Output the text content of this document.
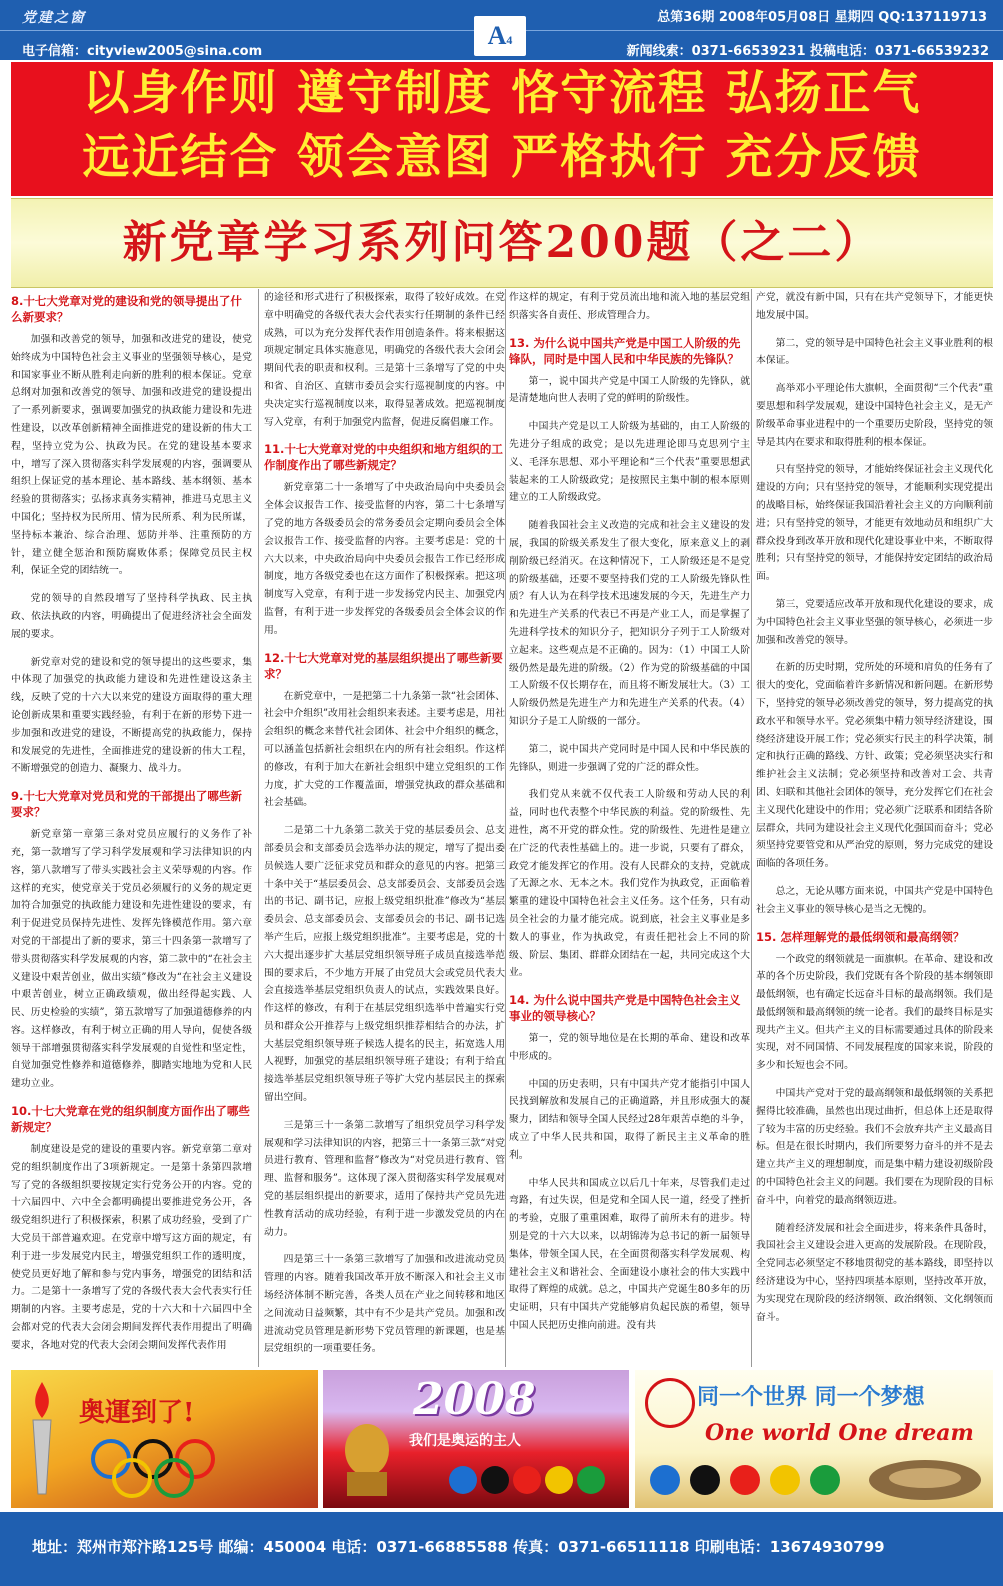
党建之窗	总第36期 2008年05月08日 星期四 QQ:137119713
A4
电子信箱：cityview2005@sina.com	新闻线索：0371-66539231 投稿电话：0371-66539232
以身作则 遵守制度 恪守流程 弘扬正气
远近结合 领会意图 严格执行 充分反馈
新党章学习系列问答200题（之二）
8.十七大党章对党的建设和党的领导提出了什么新要求？

加强和改善党的领导，加强和改进党的建设，使党始终成为中国特色社会主义事业的坚强领导核心，是党和国家事业不断从胜利走向新的胜利的根本保证。党章总纲对加强和改善党的领导、加强和改进党的建设提出了一系列新要求，强调要加强党的执政能力建设和先进性建设，以改革创新精神全面推进党的建设新的伟大工程，坚持立党为公、执政为民。在党的建设基本要求中，增写了深入贯彻落实科学发展观的内容，强调要从组织上保证党的基本理论、基本路线、基本纲领、基本经验的贯彻落实；弘扬求真务实精神，推进马克思主义中国化；坚持权为民所用、情为民所系、利为民所谋，坚持标本兼治、综合治理、惩防并举、注重预防的方针，建立健全惩治和预防腐败体系；保障党员民主权利，保证全党的团结统一。

党的领导的自然段增写了坚持科学执政、民主执政、依法执政的内容，明确提出了促进经济社会全面发展的要求。

新党章对党的建设和党的领导提出的这些要求，集中体现了加强党的执政能力建设和先进性建设这条主线，反映了党的十六大以来党的建设方面取得的重大理论创新成果和重要实践经验，有利于在新的形势下进一步加强和改进党的建设，不断提高党的执政能力，保持和发展党的先进性，全面推进党的建设新的伟大工程，不断增强党的创造力、凝聚力、战斗力。

9.十七大党章对党员和党的干部提出了哪些新要求？

新党章第一章第三条对党员应履行的义务作了补充，第一款增写了学习科学发展观和学习法律知识的内容，第八款增写了带头实践社会主义荣辱观的内容。作这样的充实，使党章关于党员必须履行的义务的规定更加符合加强党的执政能力建设和先进性建设的要求，有利于促进党员保持先进性、发挥先锋模范作用。第六章对党的干部提出了新的要求，第三十四条第一款增写了带头贯彻落实科学发展观的内容，第二款中的“在社会主义建设中艰苦创业，做出实绩”修改为“在社会主义建设中艰苦创业，树立正确政绩观，做出经得起实践、人民、历史检验的实绩”，第五款增写了加强道德修养的内容。这样修改，有利于树立正确的用人导向，促使各级领导干部增强贯彻落实科学发展观的自觉性和坚定性，自觉加强党性修养和道德修养，脚踏实地地为党和人民建功立业。

10.十七大党章在党的组织制度方面作出了哪些新规定？

制度建设是党的建设的重要内容。新党章第二章对党的组织制度作出了3项新规定。一是第十条第四款增写了党的各级组织要按规定实行党务公开的内容。党的十六届四中、六中全会都明确提出要推进党务公开，各级党组织进行了积极探索，积累了成功经验，受到了广大党员干部普遍欢迎。在党章中增写这方面的规定，有利于进一步发展党内民主，增强党组织工作的透明度，使党员更好地了解和参与党内事务，增强党的团结和活力。二是第十一条增写了党的各级代表大会代表实行任期制的内容。主要考虑是，党的十六大和十六届四中全会都对党的代表大会闭会期间发挥代表作用提出了明确要求，各地对党的代表大会闭会期间发挥代表作用

的途径和形式进行了积极探索，取得了较好成效。在党章中明确党的各级代表大会代表实行任期制的条件已经成熟，可以为充分发挥代表作用创造条件。将来根据这项规定制定具体实施意见，明确党的各级代表大会闭会期间代表的职责和权利。三是第十三条增写了党的中央和省、自治区、直辖市委员会实行巡视制度的内容。中央决定实行巡视制度以来，取得显著成效。把巡视制度写入党章，有利于加强党内监督，促进反腐倡廉工作。

11.十七大党章对党的中央组织和地方组织的工作制度作出了哪些新规定？

新党章第二十一条增写了中央政治局向中央委员会全体会议报告工作、接受监督的内容，第二十七条增写了党的地方各级委员会的常务委员会定期向委员会全体会议报告工作、接受监督的内容。主要考虑是：党的十六大以来，中央政治局向中央委员会报告工作已经形成制度，地方各级党委也在这方面作了积极探索。把这项制度写入党章，有利于进一步发扬党内民主、加强党内监督，有利于进一步发挥党的各级委员会全体会议的作用。

12.十七大党章对党的基层组织提出了哪些新要求？

在新党章中，一是把第二十九条第一款“社会团体、社会中介组织”改用社会组织来表述。主要考虑是，用社会组织的概念来替代社会团体、社会中介组织的概念，可以涵盖包括新社会组织在内的所有社会组织。作这样的修改，有利于加大在新社会组织中建立党组织的工作力度，扩大党的工作覆盖面，增强党执政的群众基础和社会基础。

二是第二十九条第二款关于党的基层委员会、总支部委员会和支部委员会选举办法的规定，增写了提出委员候选人要广泛征求党员和群众的意见的内容。把第三十条中关于“基层委员会、总支部委员会、支部委员会选出的书记、副书记，应报上级党组织批准”修改为“基层委员会、总支部委员会、支部委员会的书记、副书记选举产生后，应报上级党组织批准”。主要考虑是，党的十六大提出逐步扩大基层党组织领导班子成员直接选举范围的要求后，不少地方开展了由党员大会或党员代表大会直接选举基层党组织负责人的试点，实践效果良好。作这样的修改，有利于在基层党组织选举中普遍实行党员和群众公开推荐与上级党组织推荐相结合的办法，扩大基层党组织领导班子候选人提名的民主，拓宽选人用人视野，加强党的基层组织领导班子建设；有利于给直接选举基层党组织领导班子等扩大党内基层民主的探索留出空间。

三是第三十一条第二款增写了组织党员学习科学发展观和学习法律知识的内容，把第三十一条第三款“对党员进行教育、管理和监督”修改为“对党员进行教育、管理、监督和服务”。这体现了深入贯彻落实科学发展观对党的基层组织提出的新要求，适用了保持共产党员先进性教育活动的成功经验，有利于进一步激发党员的内在动力。

四是第三十一条第三款增写了加强和改进流动党员管理的内容。随着我国改革开放不断深入和社会主义市场经济体制不断完善，各类人员在产业之间转移和地区之间流动日益频繁，其中有不少是共产党员。加强和改进流动党员管理是新形势下党员管理的新课题，也是基层党组织的一项重要任务。

作这样的规定，有利于党员流出地和流入地的基层党组织落实各自责任、形成管理合力。

13. 为什么说中国共产党是中国工人阶级的先锋队，同时是中国人民和中华民族的先锋队？

第一，说中国共产党是中国工人阶级的先锋队，就是清楚地向世人表明了党的鲜明的阶级性。

中国共产党是以工人阶级为基础的，由工人阶级的先进分子组成的政党；是以先进理论即马克思列宁主义、毛泽东思想、邓小平理论和“三个代表”重要思想武装起来的工人阶级政党；是按照民主集中制的根本原则建立的工人阶级政党。

随着我国社会主义改造的完成和社会主义建设的发展，我国的阶级关系发生了很大变化，原来意义上的剥削阶级已经消灭。在这种情况下，工人阶级还是不是党的阶级基础，还要不要坚持我们党的工人阶级先锋队性质？有人认为在科学技术迅速发展的今天，先进生产力和先进生产关系的代表已不再是产业工人，而是掌握了先进科学技术的知识分子，把知识分子列于工人阶级对立起来。这些观点是不正确的。因为：（1）中国工人阶级仍然是最先进的阶级。（2）作为党的阶级基础的中国工人阶级不仅长期存在，而且将不断发展壮大。（3）工人阶级仍然是先进生产力和先进生产关系的代表。（4）知识分子是工人阶级的一部分。

第二，说中国共产党同时是中国人民和中华民族的先锋队，则进一步强调了党的广泛的群众性。

我们党从来就不仅代表工人阶级和劳动人民的利益，同时也代表整个中华民族的利益。党的阶级性、先进性，离不开党的群众性。党的阶级性、先进性是建立在广泛的代表性基础上的。进一步说，只要有了群众，政党才能发挥它的作用。没有人民群众的支持，党就成了无源之水、无本之木。我们党作为执政党，正面临着繁重的建设中国特色社会主义任务。这个任务，只有动员全社会的力量才能完成。说到底，社会主义事业是多数人的事业，作为执政党，有责任把社会上不同的阶级、阶层、集团、群群众团结在一起，共同完成这个大业。

14. 为什么说中国共产党是中国特色社会主义事业的领导核心？

第一，党的领导地位是在长期的革命、建设和改革中形成的。

中国的历史表明，只有中国共产党才能指引中国人民找到解放和发展自己的正确道路，并且形成强大的凝聚力，团结和领导全国人民经过28年艰苦卓绝的斗争，成立了中华人民共和国，取得了新民主主义革命的胜利。

中华人民共和国成立以后几十年来，尽管我们走过弯路，有过失误，但是党和全国人民一道，经受了挫折的考验，克服了重重困难，取得了前所未有的进步。特别是党的十六大以来，以胡锦涛为总书记的新一届领导集体，带领全国人民，在全面贯彻落实科学发展观、构建社会主义和谐社会、全面建设小康社会的伟大实践中取得了辉煌的成就。总之，中国共产党诞生80多年的历史证明，只有中国共产党能够肩负起民族的希望，领导中国人民把历史推向前进。没有共

产党，就没有新中国，只有在共产党领导下，才能更快地发展中国。

第二，党的领导是中国特色社会主义事业胜利的根本保证。

高举邓小平理论伟大旗帜，全面贯彻“三个代表”重要思想和科学发展观，建设中国特色社会主义，是无产阶级革命事业进程中的一个重要历史阶段，坚持党的领导是其内在要求和取得胜利的根本保证。

只有坚持党的领导，才能始终保证社会主义现代化建设的方向；只有坚持党的领导，才能顺利实现党提出的战略目标，始终保证我国沿着社会主义的方向顺利前进；只有坚持党的领导，才能更有效地动员和组织广大群众投身到改革开放和现代化建设事业中来，不断取得胜利；只有坚持党的领导，才能保持安定团结的政治局面。

第三，党要适应改革开放和现代化建设的要求，成为中国特色社会主义事业坚强的领导核心，必须进一步加强和改善党的领导。

在新的历史时期，党所处的环境和肩负的任务有了很大的变化，党面临着许多新情况和新问题。在新形势下，坚持党的领导必须改善党的领导，努力提高党的执政水平和领导水平。党必须集中精力领导经济建设，围绕经济建设开展工作；党必须实行民主的科学决策，制定和执行正确的路线、方针、政策；党必须坚决实行和维护社会主义法制；党必须坚持和改善对工会、共青团、妇联和其他社会团体的领导，充分发挥它们在社会主义现代化建设中的作用；党必须广泛联系和团结各阶层群众，共同为建设社会主义现代化强国而奋斗；党必须坚持党要管党和从严治党的原则，努力完成党的建设面临的各项任务。

总之，无论从哪方面来说，中国共产党是中国特色社会主义事业的领导核心是当之无愧的。

15. 怎样理解党的最低纲领和最高纲领？

一个政党的纲领就是一面旗帜。在革命、建设和改革的各个历史阶段，我们党既有各个阶段的基本纲领即最低纲领，也有确定长远奋斗目标的最高纲领。我们是最低纲领和最高纲领的统一论者。我们的最终目标是实现共产主义。但共产主义的目标需要通过具体的阶段来实现，对不同国情、不同发展程度的国家来说，阶段的多少和长短也会不同。

中国共产党对于党的最高纲领和最低纲领的关系把握得比较准确，虽然也出现过曲折，但总体上还是取得了较为丰富的历史经验。我们不会放弃共产主义最高目标。但是在很长时期内，我们所要努力奋斗的并不是去建立共产主义的理想制度，而是集中精力建设初级阶段的中国特色社会主义的问题。我们要在为现阶段的目标奋斗中，向着党的最高纲领迈进。

随着经济发展和社会全面进步，将来条件具备时，我国社会主义建设会进入更高的发展阶段。在现阶段，全党同志必须坚定不移地贯彻党的基本路线，即坚持以经济建设为中心，坚持四项基本原则，坚持改革开放，为实现党在现阶段的经济纲领、政治纲领、文化纲领而奋斗。

奥運到了!	2008
我们是奥运的主人
同一个世界 同一个梦想
One world One dream
地址：郑州市郑汴路125号 邮编：450004 电话：0371-66885588 传真：0371-66511118 印刷电话：13674930799
